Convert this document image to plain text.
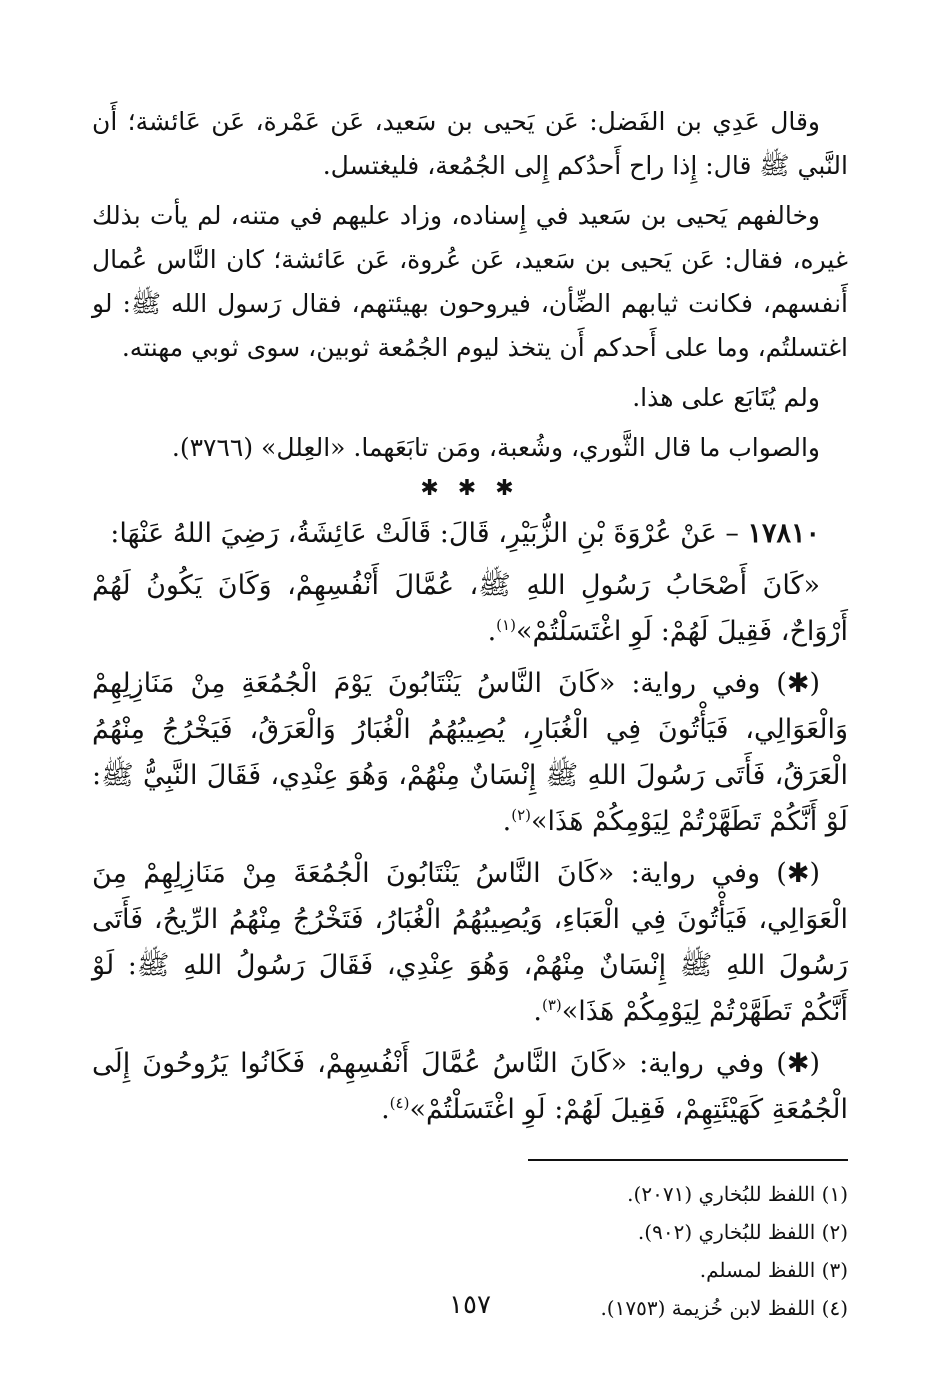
وقال عَدِي بن الفَضل: عَن يَحيى بن سَعيد، عَن عَمْرة، عَن عَائشة؛ أَن النَّبي ﷺ قال: إِذا راح أَحدُكم إِلى الجُمُعة، فليغتسل.

وخالفهم يَحيى بن سَعيد في إِسناده، وزاد عليهم في متنه، لم يأت بذلك غيره، فقال: عَن يَحيى بن سَعيد، عَن عُروة، عَن عَائشة؛ كان النَّاس عُمال أَنفسهم، فكانت ثيابهم الضِّأن، فيروحون بهيئتهم، فقال رَسول الله ﷺ: لو اغتسلتُم، وما على أَحدكم أَن يتخذ ليوم الجُمُعة ثوبين، سوى ثوبي مهنته.

ولم يُتَابَع على هذا.

والصواب ما قال الثَّوري، وشُعبة، ومَن تابَعَهما. «العِلل» (٣٧٦٦).

✱ ✱ ✱

١٧٨١٠ – عَنْ عُرْوَةَ بْنِ الزُّبَيْرِ، قَالَ: قَالَتْ عَائِشَةُ، رَضِيَ اللهُ عَنْهَا:

«كَانَ أَصْحَابُ رَسُولِ اللهِ ﷺ، عُمَّالَ أَنْفُسِهِمْ، وَكَانَ يَكُونُ لَهُمْ أَرْوَاحٌ، فَقِيلَ لَهُمْ: لَوِ اغْتَسَلْتُمْ»$^{(١)}$.

(✱) وفي رواية: «كَانَ النَّاسُ يَنْتَابُونَ يَوْمَ الْجُمُعَةِ مِنْ مَنَازِلِهِمْ وَالْعَوَالِي، فَيَأْتُونَ فِي الْغُبَارِ، يُصِيبُهُمُ الْغُبَارُ وَالْعَرَقُ، فَيَخْرُجُ مِنْهُمُ الْعَرَقُ، فَأَتَى رَسُولَ اللهِ ﷺ إِنْسَانٌ مِنْهُمْ، وَهُوَ عِنْدِي، فَقَالَ النَّبِيُّ ﷺ: لَوْ أَنَّكُمْ تَطَهَّرْتُمْ لِيَوْمِكُمْ هَذَا»$^{(٢)}$.

(✱) وفي رواية: «كَانَ النَّاسُ يَنْتَابُونَ الْجُمُعَةَ مِنْ مَنَازِلِهِمْ مِنَ الْعَوَالِي، فَيَأْتُونَ فِي الْعَبَاءِ، وَيُصِيبُهُمُ الْغُبَارُ، فَتَخْرُجُ مِنْهُمُ الرِّيحُ، فَأَتَى رَسُولَ اللهِ ﷺ إِنْسَانٌ مِنْهُمْ، وَهُوَ عِنْدِي، فَقَالَ رَسُولُ اللهِ ﷺ: لَوْ أَنَّكُمْ تَطَهَّرْتُمْ لِيَوْمِكُمْ هَذَا»$^{(٣)}$.

(✱) وفي رواية: «كَانَ النَّاسُ عُمَّالَ أَنْفُسِهِمْ، فَكَانُوا يَرُوحُونَ إِلَى الْجُمُعَةِ كَهَيْئَتِهِمْ، فَقِيلَ لَهُمْ: لَوِ اغْتَسَلْتُمْ»$^{(٤)}$.

(١) اللفظ للبُخاري (٢٠٧١).

(٢) اللفظ للبُخاري (٩٠٢).

(٣) اللفظ لمسلم.

(٤) اللفظ لابن خُزيمة (١٧٥٣).

١٥٧
